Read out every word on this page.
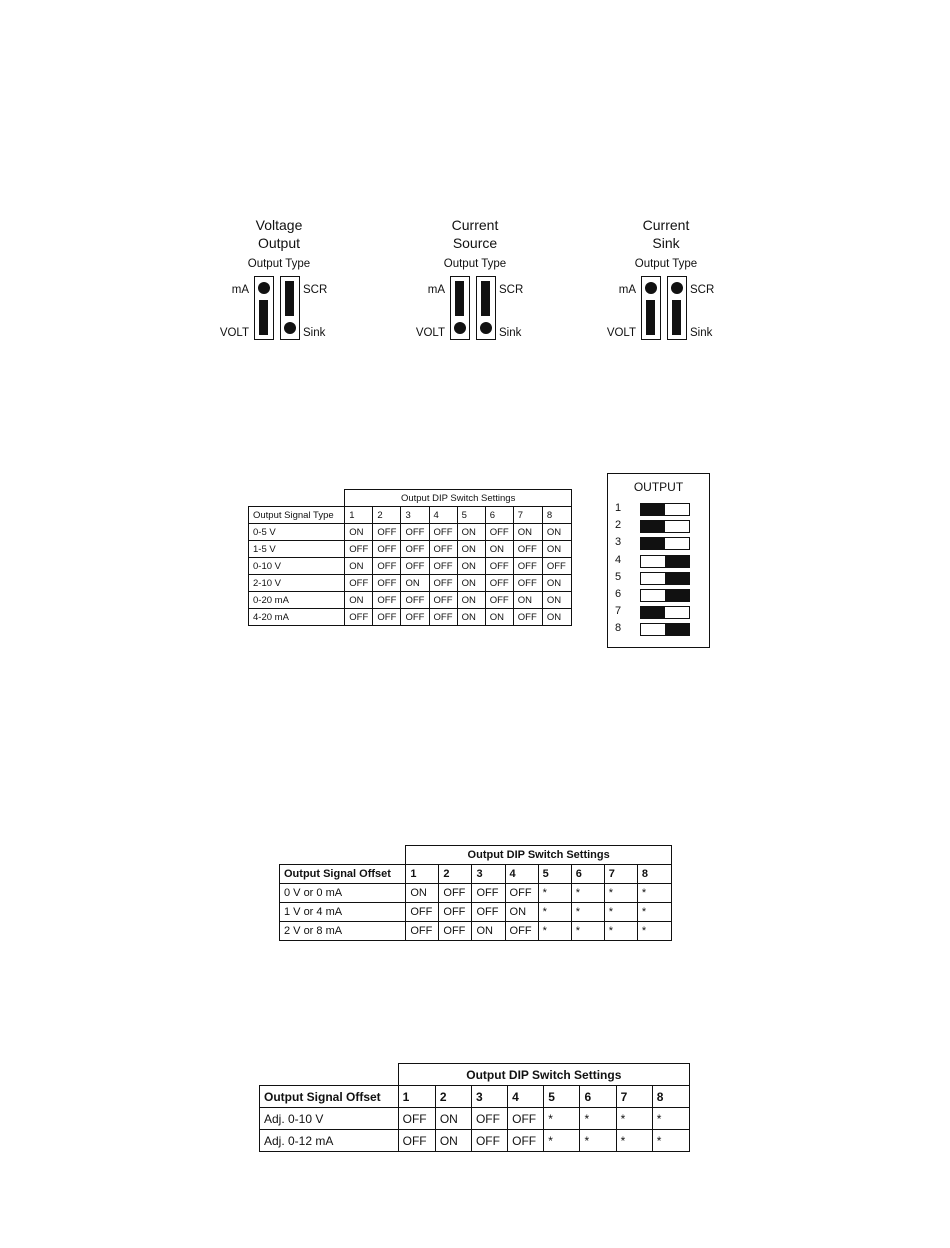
Voltage
Output
Output Type
mA
VOLT
SCR
Sink
Current
Source
Output Type
mA
VOLT
SCR
Sink
Current
Sink
Output Type
mA
VOLT
SCR
Sink
	Output DIP Switch Settings							
Output Signal Type	1	2	3	4	5	6	7	8
0-5 V	ON	OFF	OFF	OFF	ON	OFF	ON	ON
1-5 V	OFF	OFF	OFF	OFF	ON	ON	OFF	ON
0-10 V	ON	OFF	OFF	OFF	ON	OFF	OFF	OFF
2-10 V	OFF	OFF	ON	OFF	ON	OFF	OFF	ON
0-20 mA	ON	OFF	OFF	OFF	ON	OFF	ON	ON
4-20 mA	OFF	OFF	OFF	OFF	ON	ON	OFF	ON
OUTPUT
1
2
3
4
5
6
7
8
	Output DIP Switch Settings							
Output Signal Offset	1	2	3	4	5	6	7	8
0 V or 0 mA	ON	OFF	OFF	OFF	*	*	*	*
1 V or 4 mA	OFF	OFF	OFF	ON	*	*	*	*
2 V or 8 mA	OFF	OFF	ON	OFF	*	*	*	*
	Output DIP Switch Settings							
Output Signal Offset	1	2	3	4	5	6	7	8
Adj. 0-10 V	OFF	ON	OFF	OFF	*	*	*	*
Adj. 0-12 mA	OFF	ON	OFF	OFF	*	*	*	*
